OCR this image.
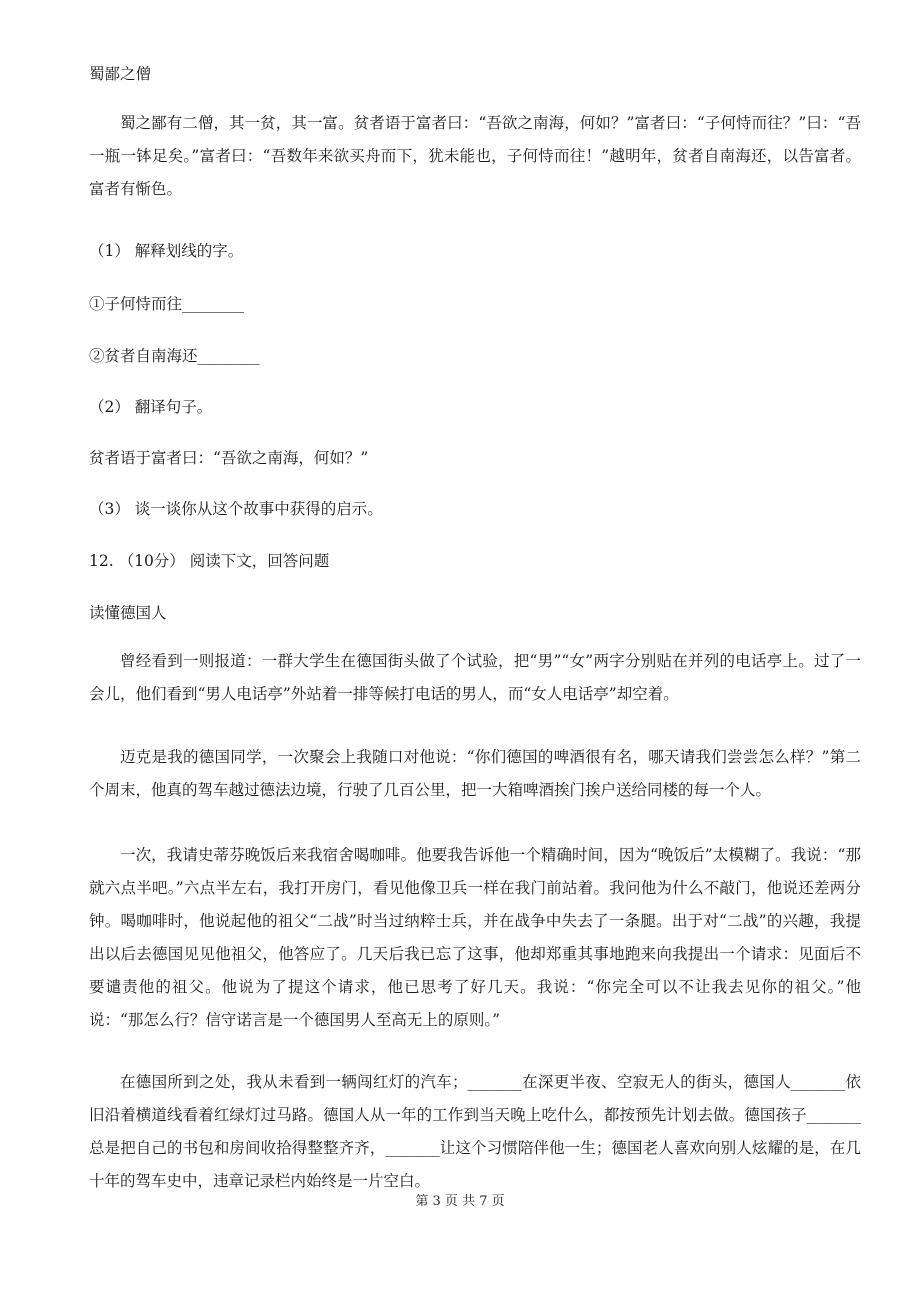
蜀鄙之僧
蜀之鄙有二僧，其一贫，其一富。贫者语于富者曰：“吾欲之南海，何如？”富者曰：“子何恃而往？”曰：“吾一瓶一钵足矣。”富者曰：“吾数年来欲买舟而下，犹未能也，子何恃而往！”越明年，贫者自南海还，以告富者。富者有惭色。
（1） 解释划线的字。
①子何恃而往________
②贫者自南海还________
（2） 翻译句子。
贫者语于富者曰：“吾欲之南海，何如？”
（3） 谈一谈你从这个故事中获得的启示。
12. （10分） 阅读下文，回答问题
读懂德国人
曾经看到一则报道：一群大学生在德国街头做了个试验，把“男”“女”两字分别贴在并列的电话亭上。过了一会儿，他们看到“男人电话亭”外站着一排等候打电话的男人，而“女人电话亭”却空着。
迈克是我的德国同学，一次聚会上我随口对他说：“你们德国的啤酒很有名，哪天请我们尝尝怎么样？”第二个周末，他真的驾车越过德法边境，行驶了几百公里，把一大箱啤酒挨门挨户送给同楼的每一个人。
一次，我请史蒂芬晚饭后来我宿舍喝咖啡。他要我告诉他一个精确时间，因为“晚饭后”太模糊了。我说：“那就六点半吧。”六点半左右，我打开房门，看见他像卫兵一样在我门前站着。我问他为什么不敲门，他说还差两分钟。喝咖啡时，他说起他的祖父“二战”时当过纳粹士兵，并在战争中失去了一条腿。出于对“二战”的兴趣，我提出以后去德国见见他祖父，他答应了。几天后我已忘了这事，他却郑重其事地跑来向我提出一个请求：见面后不要谴责他的祖父。他说为了提这个请求，他已思考了好几天。我说：“你完全可以不让我去见你的祖父。”他说：“那怎么行？信守诺言是一个德国男人至高无上的原则。”
在德国所到之处，我从未看到一辆闯红灯的汽车；_______在深更半夜、空寂无人的街头，德国人_______依旧沿着横道线看着红绿灯过马路。德国人从一年的工作到当天晚上吃什么，都按预先计划去做。德国孩子_______总是把自己的书包和房间收拾得整整齐齐，_______让这个习惯陪伴他一生；德国老人喜欢向别人炫耀的是，在几十年的驾车史中，违章记录栏内始终是一片空白。
第 3 页 共 7 页
